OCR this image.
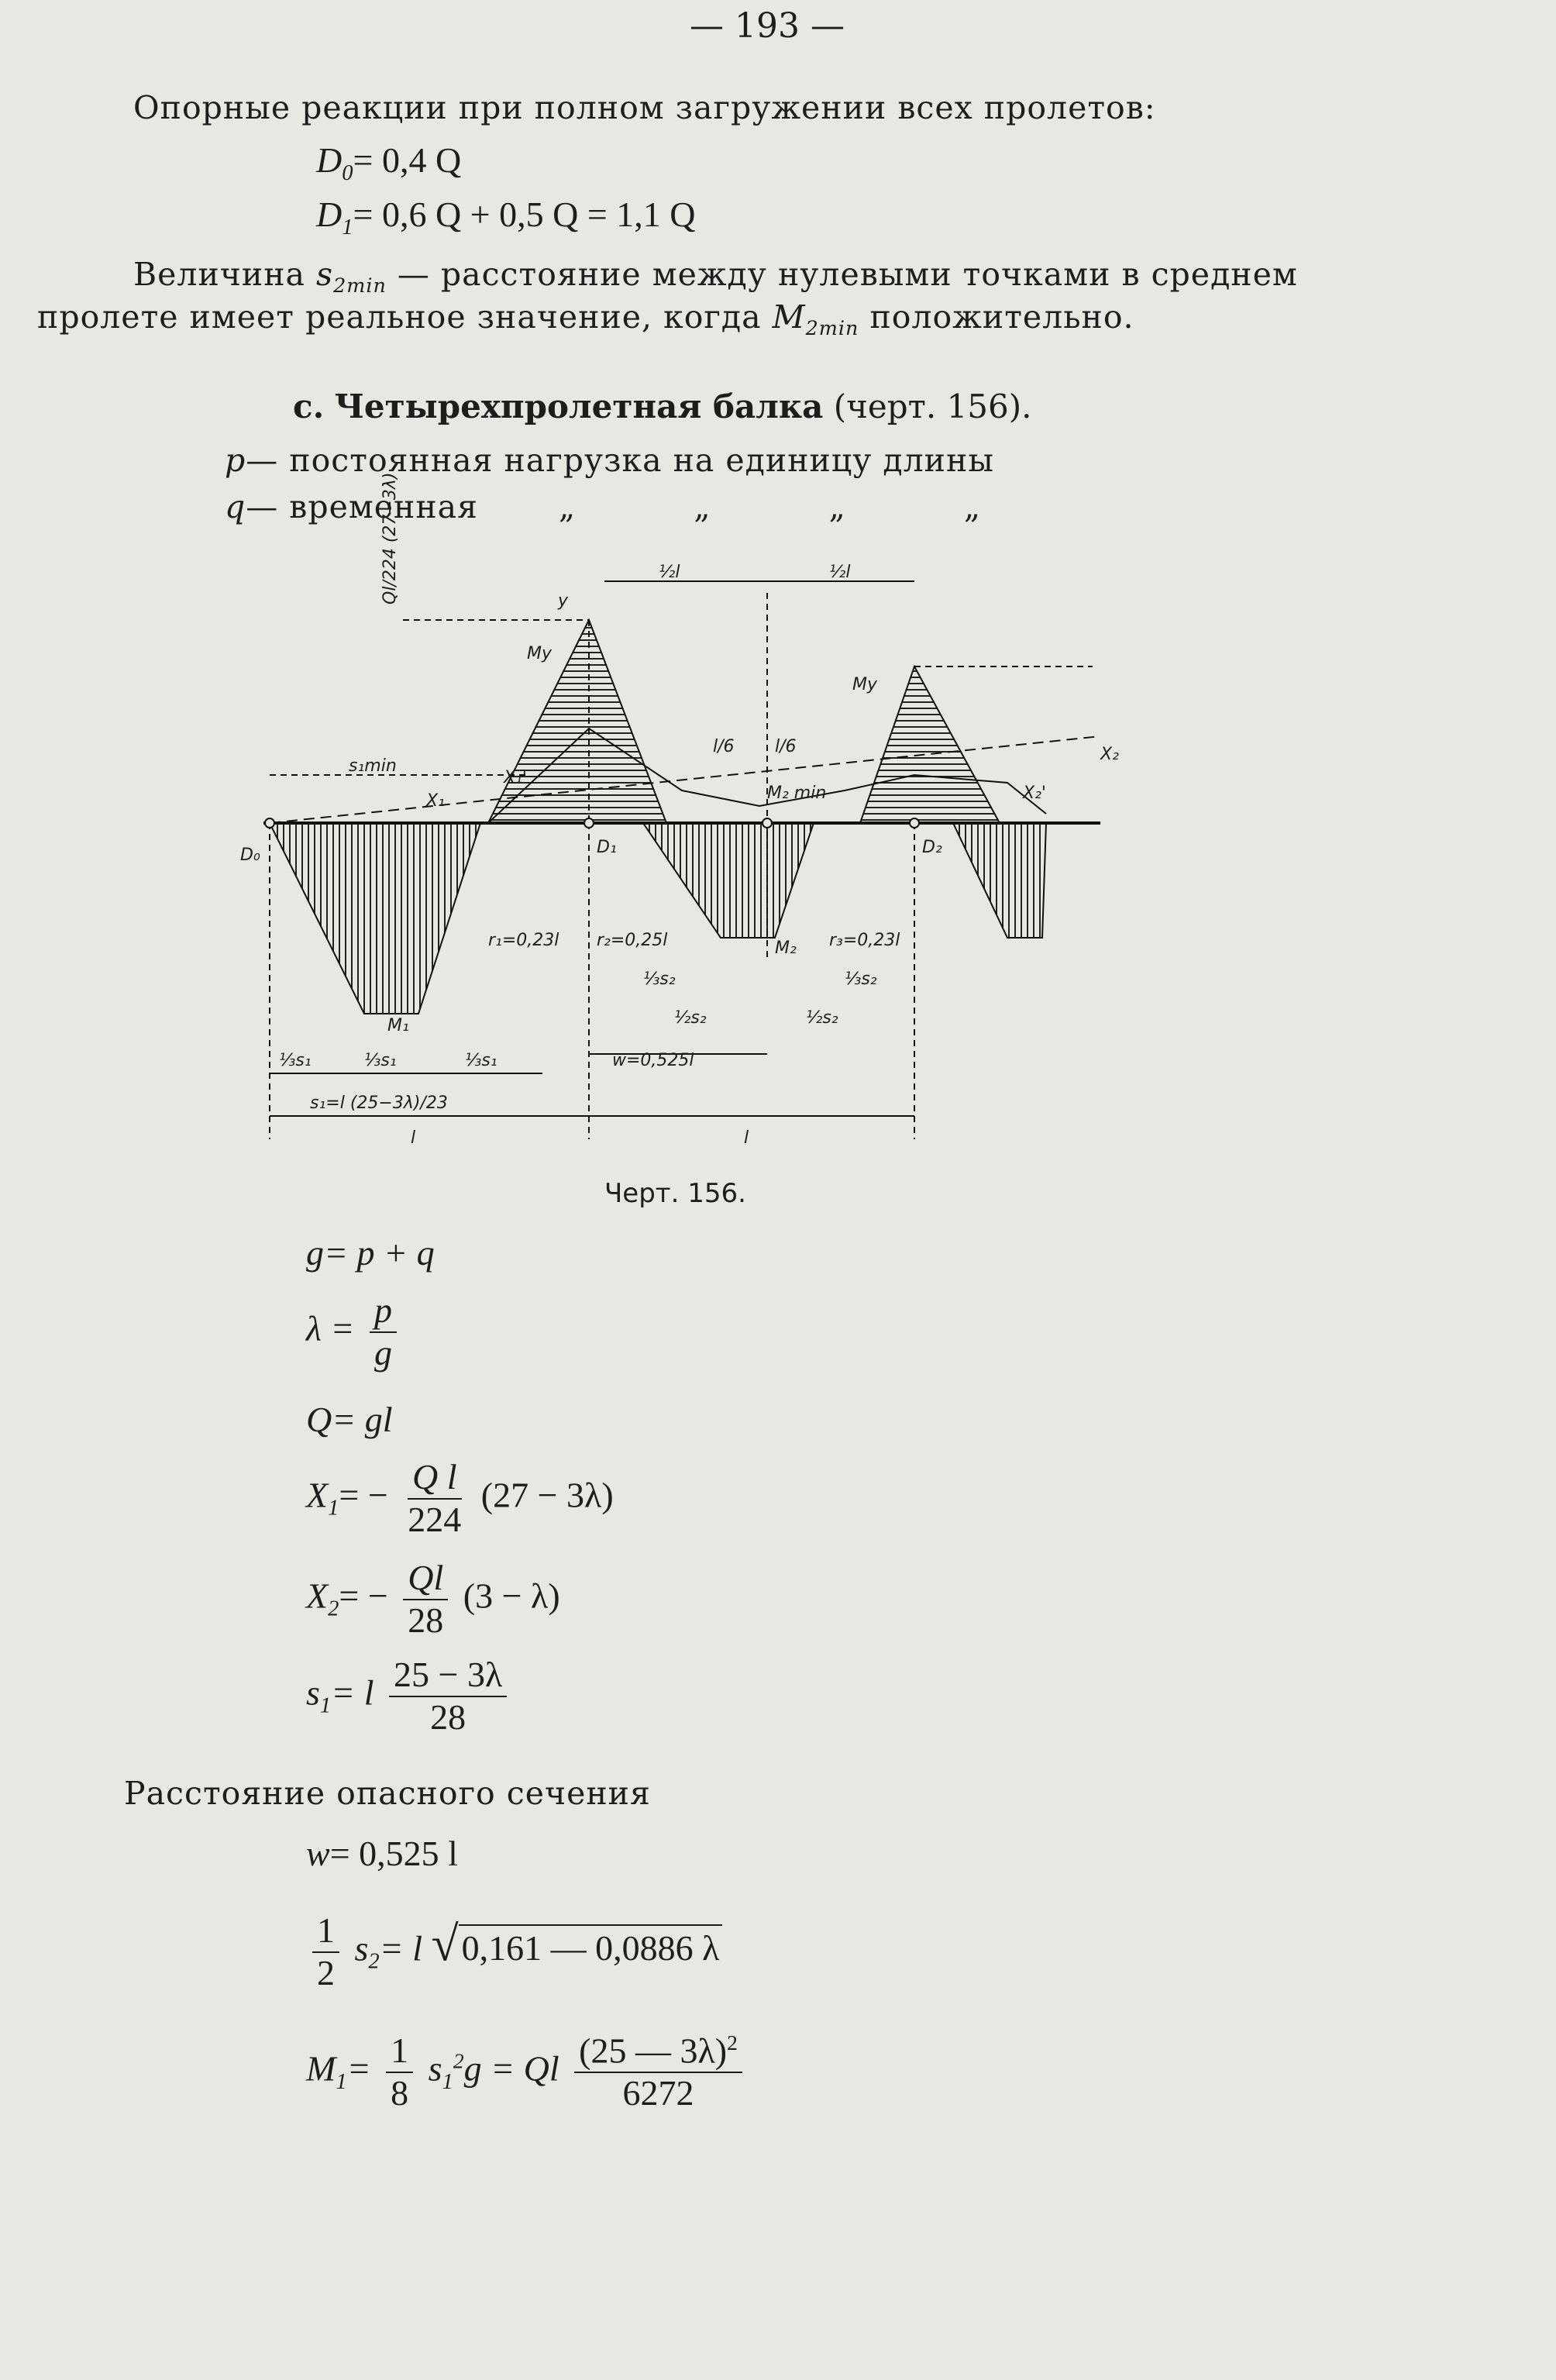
— 193 —
Опорные реакции при полном загружении всех пролетов:
$D_0= 0,4$ Q
$D_1= 0,6$ Q + 0,5 Q = 1,1 Q
Величина $s_{2min}$ — расстояние между нулевыми точками в среднем
пролете имеет реальное значение, когда $M_{2min}$ положительно.
с. Четырехпролетная балка (черт. 156).
p— постоянная нагрузка на единицу длины
q— временная	„ „ „ „
y
½l	½l
My
My
D₀	D₁	D₂
X₁
X₁'
X₂
X₂'
s₁min
M₁
M₂
M₂ min
l/6 l/6
Ql/224 (27−3λ)
r₁=0,23l r₂=0,25l	r₃=0,23l
⅓s₂	⅓s₂
½s₂	½s₂
⅓s₁	⅓s₁	⅓s₁	w=0,525l
s₁=l (25−3λ)/23
l	l
Черт. 156.
g= p + q
$\lambda = \frac{p}{g}$
Q= gl
$X_1= - \frac{\text{Q l}}{224} (27 - 3\lambda)$
$X_2= - \frac{Ql}{28} (3 - \lambda)$
$s_1= l \frac{25 - 3\lambda}{28}$
Расстояние опасного сечения
w= 0,525 l
$\frac{1}{2} s_2= l$ √0,161 — 0,0886 λ
$M_1= \frac{1}{8} s_1^2g = Ql \frac{(25 — 3\lambda)^2}{6272}$
